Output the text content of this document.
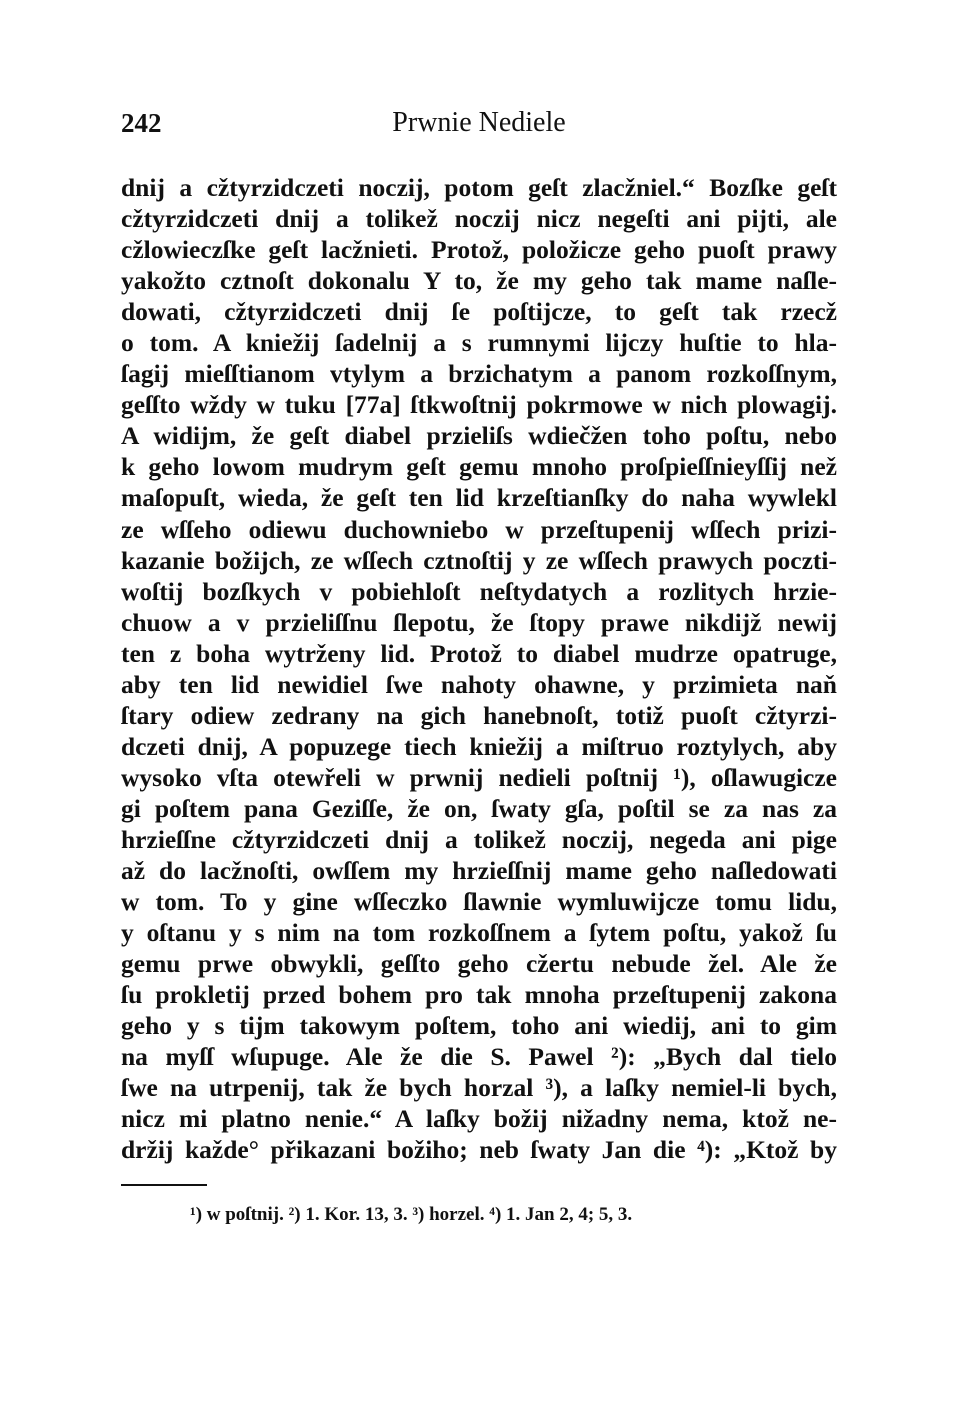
242	Prwnie Nediele
dnij a cžtyrzidczeti noczij, potom geſt zlacžniel.“ Bozſke geſt
cžtyrzidczeti dnij a tolikež noczij nicz negeſti ani pijti, ale
cžlowieczſke geſt lacžnieti. Protož, položicze geho puoſt prawy
yakožto cztnoſt dokonalu Y to, že my geho tak mame naſle-
dowati, cžtyrzidczeti dnij ſe poſtijcze, to geſt tak rzecž
o tom. A kniežij ſadelnij a s rumnymi lijczy huſtie to hla-
ſagij mieſſtianom vtylym a brzichatym a panom rozkoſſnym,
geſſto wždy w tuku [77a] ſtkwoſtnij pokrmowe w nich plowagij.
A widijm, že geſt diabel przieliſs wdiečžen toho poſtu, nebo
k geho lowom mudrym geſt gemu mnoho proſpieſſnieyſſij než
maſopuſt, wieda, že geſt ten lid krzeſtianſky do naha wywlekl
ze wſſeho odiewu duchowniebo w przeſtupenij wſſech prizi-
kazanie božijch, ze wſſech cztnoſtij y ze wſſech prawych poczti-
woſtij bozſkych v pobiehloſt neſtydatych a rozlitych hrzie-
chuow a v przieliſſnu ſlepotu, že ſtopy prawe nikdijž newij
ten z boha wytrženy lid. Protož to diabel mudrze opatruge,
aby ten lid newidiel ſwe nahoty ohawne, y przimieta naň
ſtary odiew zedrany na gich hanebnoſt, totiž puoſt cžtyrzi-
dczeti dnij, A popuzege tiech kniežij a miſtruo roztylych, aby
wysoko vſta otewřeli w prwnij nedieli poſtnij ¹), oſlawugicze
gi poſtem pana Geziſſe, že on, ſwaty gſa, poſtil se za nas za
hrzieſſne cžtyrzidczeti dnij a tolikež noczij, negeda ani pige
až do lacžnoſti, owſſem my hrzieſſnij mame geho naſledowati
w tom. To y gine wſſeczko ſlawnie wymluwijcze tomu lidu,
y oſtanu y s nim na tom rozkoſſnem a ſytem poſtu, yakož ſu
gemu prwe obwykli, geſſto geho cžertu nebude žel. Ale že
ſu prokletij przed bohem pro tak mnoha przeſtupenij zakona
geho y s tijm takowym poſtem, toho ani wiedij, ani to gim
na myſſ wſupuge. Ale že die S. Pawel ²): „Bych dal tielo
ſwe na utrpenij, tak že bych horzal ³), a laſky nemiel-li bych,
nicz mi platno nenie.“ A laſky božij nižadny nema, ktož ne-
držij každe° přikazani božiho; neb ſwaty Jan die ⁴): „Ktož by
¹) w poſtnij. ²) 1. Kor. 13, 3. ³) horzel. ⁴) 1. Jan 2, 4; 5, 3.
